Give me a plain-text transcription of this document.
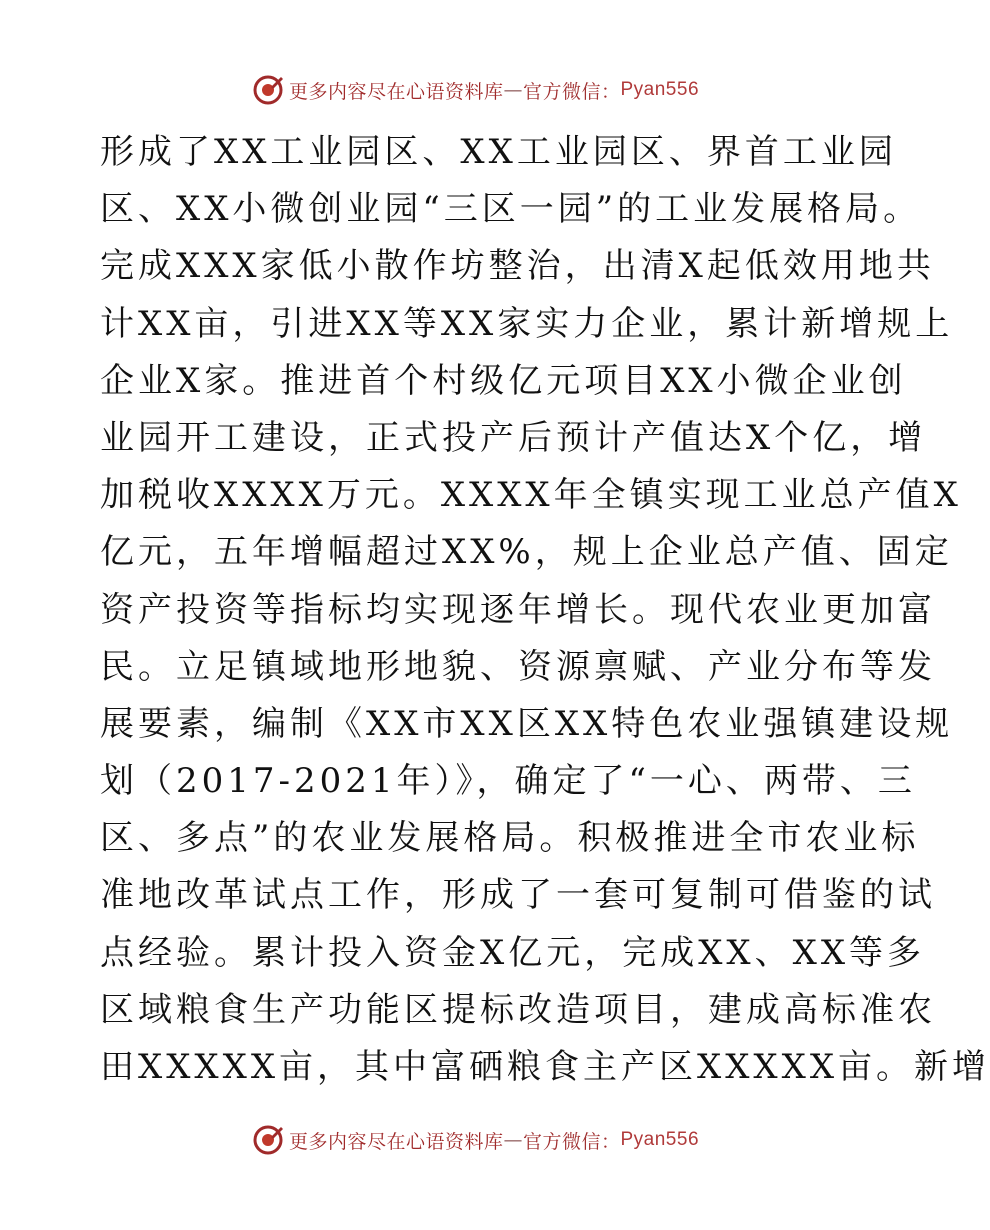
更多内容尽在心语资料库 — 官方微信： Pyan556
形成了XX工业园区、XX工业园区、界首工业园
区、XX小微创业园“三区一园”的工业发展格局。
完成XXX家低小散作坊整治，出清X起低效用地共
计XX亩，引进XX等XX家实力企业，累计新增规上
企业X家。推进首个村级亿元项目XX小微企业创
业园开工建设，正式投产后预计产值达X个亿，增
加税收XXXX万元。XXXX年全镇实现工业总产值X
亿元，五年增幅超过XX%，规上企业总产值、固定
资产投资等指标均实现逐年增长。现代农业更加富
民。立足镇域地形地貌、资源禀赋、产业分布等发
展要素，编制《XX市XX区XX特色农业强镇建设规
划（2017-2021年）》，确定了“一心、两带、三
区、多点”的农业发展格局。积极推进全市农业标
准地改革试点工作，形成了一套可复制可借鉴的试
点经验。累计投入资金X亿元，完成XX、XX等多
区域粮食生产功能区提标改造项目，建成高标准农
田XXXXX亩，其中富硒粮食主产区XXXXX亩。新增
更多内容尽在心语资料库 — 官方微信： Pyan556
